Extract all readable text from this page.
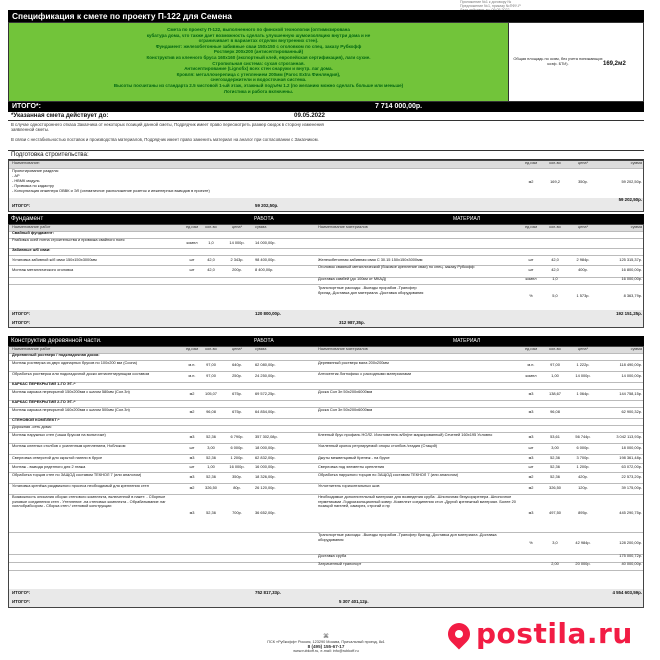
Приложение №1 к договору №
Предложение №1, приказу №ПФУ-Р
Спецификация к смете по проекту П-122 для Семена
Смета по проекту П-122, выполненного по финской технологии (оптимизирована
кубатура дома, что также дает возможность сделать улучшенную шумоизоляцию внутри дома и не
ограничивает в вариантах отделки внутренних стен).
Фундамент: железобетонные забивные сваи 150х150 с оголовком по спец. заказу Рубкофф
Ростверк 200х200 (антисептированный)
Конструктив из клееного бруса 160х160 (экспортный клей, европейская сертификация), лаги сухие.
Стропильная система: сухая строганная.
Антисептирование (Lignofix) всех стен снаружи и внутр. лаг дома.
Кровля: металлочерепица с утеплением 200мм (Paroc Extra Финляндия),
снегозадержители и водосточная система.
Высоты посчитаны из стандарта 2.5 чистовой 1-ый этаж, этажный подъём 1.2 (по желанию можно сделать больше или меньше)
Логистика и работа включены.
Общая площадь по осям, без учета понижающих коэф. БТИ).	169,2м2
ИТОГО*:	7 714 000,00р.
*Указанная смета действует до:	09.05.2022
В случае одностороннего отказа Заказчика от некоторых позиций данной сметы, Подрядчик имеет право пересмотреть размер скидок в сторону изменения
заявленной сметы.
В связи с нестабильностью поставок и производства материалов, Подрядчик имеет право заменить материал на аналог при согласовании с Заказчиком.
Подготовка строительства:
Наименование:	ед.изм	кол-во	цена*	сумма
Проектирование раздела:
- АР
- НВМК модуль
- Привязка по кадастру
- Консультация инженера ОВВК и ЭЛ (схематичное расположение розеток и инженерных выводов в проекте)
м2	169,2	350р.	59 202,50р.
59 202,50р.
ИТОГО*:	59 202,50р.
Фундамент	РАБОТА	МАТЕРИАЛ
Наименование работ	ед.изм	кол-во	цена*	сумма	Наименование материалов	ед.изм	кол-во	цена*	сумма
Свайный фундамент:
Разбивка осей пятна строительства и привязка свайного поля
компл	1,0	14 000р.	14 000,00р.
Забивные ж/б сваи:
Установка забивной ж/б сваи 150х150х3000мм	шт	42,0	2 343р.	98 400,00р.	Железобетонная забивная свая С 30.15 150х150х3000мм	шт	42,0	2 984р.	125 315,37р.
Монтаж металлического оголовка	шт	42,0	200р.	8 400,00р.
Оголовок сваяный металлический (боковое крепление сваи) по спец. заказу Рубкофф
шт	42,0	400р.	16 800,00р.
Доставка самбей (до 100км от МКАД)	компл	1,0	16 000,00р.
Транспортные расходы: -Выезды прорабов -Трансфер бригад -Доставка доп материала -Доставка оборудования
%	5,0	1 573р.	8 363,79р.
ИТОГО*:	120 800,00р.	192 151,25р.
ИТОГО*:	312 987,35р.
Конструктив деревянной части.	РАБОТА	МАТЕРИАЛ
Наименование работ	ед.изм	кол-во	цена*	сумма	Наименование материалов	ед.изм	кол-во	цена*	сумма
Деревянный ростверк / подкладочная доска:
Монтаж ростверка из двух одинарных брусов по 100х200 мм (Сосна)	м.п.	97,00	640р.	62 080,00р.	Деревянный ростверк вала 200х200мм	м.п.	97,00	1 222р.	118 490,00р.
Обработка ростверка или подкладочной доски антисептирующим составом	м.п.	97,00	250р.	24 250,00р.	Антисептик Лигнофикс с расходными материалами	компл	1,00	14 000р.	14 000,00р.
КАРКАС ПЕРЕКРЫТИЙ 1-ГО ЭТ.:*
Монтаж каркаса перекрытий 150х200мм с шагом 580мм (Сол.3п)	м2	105,07	675р.	69 572,25р.	Доска Сол 3п 50х200х6000мм	м3	138,67	1 064р.	144 758,15р.
КАРКАС ПЕРЕКРЫТИЙ 2-ГО ЭТ.:*
Монтаж каркаса перекрытий 160х200мм с шагом 500мм (Сол.3п)	м2	96,08	675р.	64 854,00р.	Доска Сол 3п 50х200х6000мм	м3	96,08	62 900,32р.
СТЕНОВОЙ КОМПЛЕКТ:*
Дорожная -сеть дома:
Монтаж наружных стен (чаша брусом на вольточке)	м3	52,36	6 790р.	357 302,08р.	Клееный брус профиль НОЛ2. Изготовитель в/бл(не маркированный) Сеченей 160х195 Условно	м3	53,61	56 744р.	3 042 113,93р.
Монтаж клееных столбов с усиленным креплением, Ноблоком	шт	3,00	6 000р.	18 000,00р.	Усиленный кронок регулируемой опоры столбов /стадия (Стаций)	шт	3,00	6 000р.	18 000,00р.
Сверловка отверстий для скрытой нагели в брусе	м3	52,36	1 200р.	62 832,00р.	Джуты межвенцовый Крепеж - на брусе	м3	52,36	3 700р.	198 361,48р.
Монтаж - вывода реденного для 2 этажа	шт	1,00	16 000р.	16 000,00р.	Сверловка под элементы крепления	шт	52,36	1 200р.	63 072,00р.
Обработка торцов стен по ЗАЩОД составом ТЕКНОЛ 7 (или аналогом)	м3	52,36	350р.	18 326,00р.	Обработка наружного торцов по ЗАЩОД составом ТЕКНОЛ 7 (или аналогом)	м2	52,36	420р.	22 573,20р.
Установка крепёжа раздвижного просеса необходимый для крепления стен	м2	326,50	80р.	26 120,00р.	Уплотнитель горизонтальных шов	м2	326,50	120р.	39 175,00р.
Возможность описания сборки стенового комплекта, включенной в пакет: - Сборные узловые соединения стен - Утепление -на стеновых комплекта - Обрабатывание лаг холлобрабсором - Сборка стен / стеновой конструкции
м3	52,36	700р.	36 652,00р.
Необходимые дополнительный материал для возведения сруба: -Шпоночная безусоркрепера -Шпоночное герметиками -Гидроизоляционный ковер -Комплект соединения стол -Другой крепежный материал. Более 20 позиций нагелей, саморез, строгай и пр
м3	497,50	895р.	445 290,75р.
Транспортные расходы: -Выезды прорабов -Трансфер бригад -Доставка доп материала -Доставка оборудования
%	3,0	42 984р.	128 200,00р.
Доставка сруба	175 000,72р.
Затраченный транспорт	2,00	20 000р.	40 000,00р.
ИТОГО*:	752 817,33р.	4 554 603,59р.
ИТОГО*:	5 307 401,12р.
⌘
ПСК «Рубкофф» Россия, 123290 Москва, Причальный проезд, 8к1
8 (495) 155-67-17
www.rubkoff.ru, e-mail: info@rubkoff.ru
postila.ru
